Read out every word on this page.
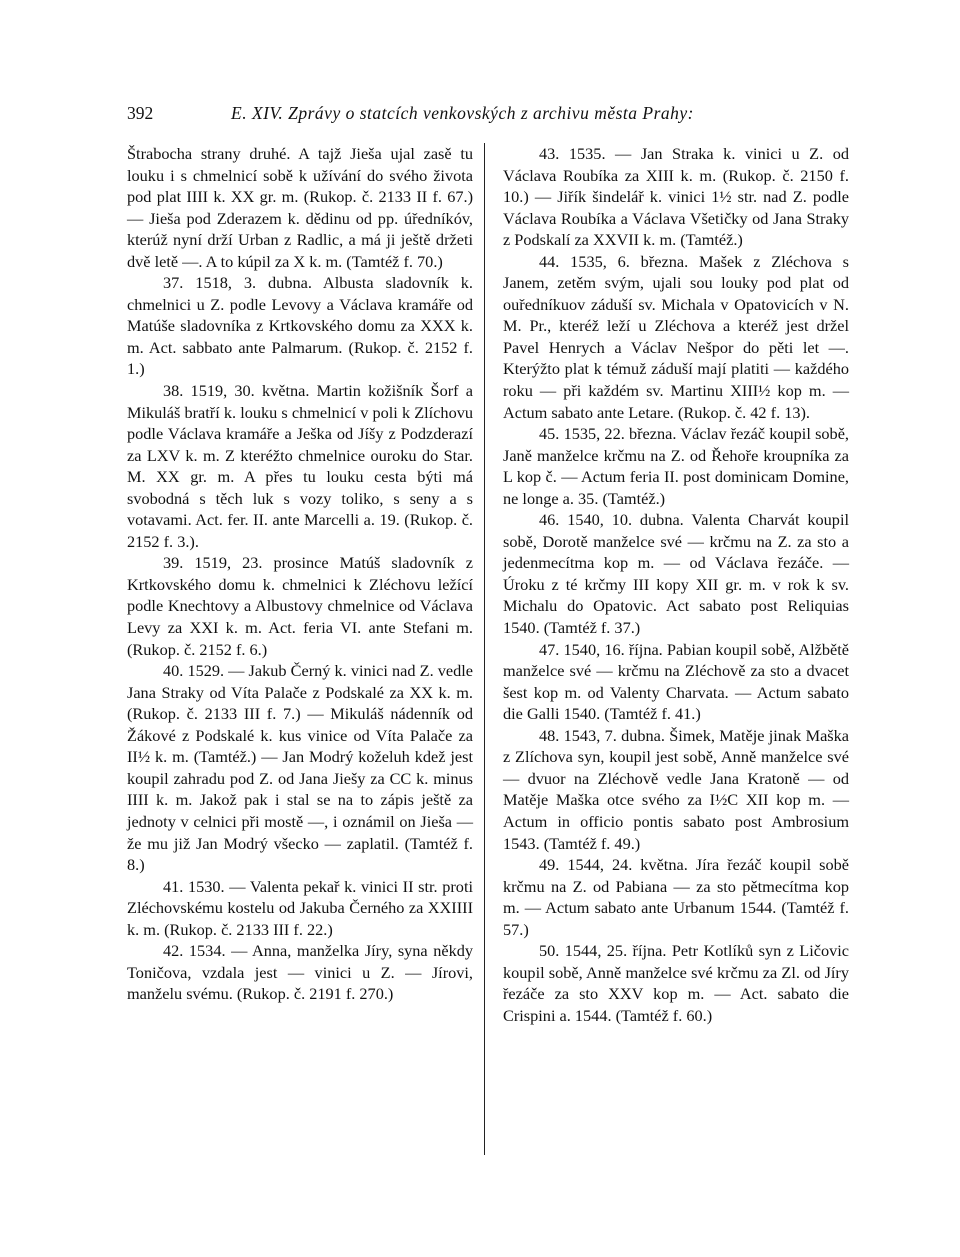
392	E. XIV. Zprávy o statcích venkovských z archivu města Prahy:

Štrabocha strany druhé. A tajž Jieša ujal zasě tu louku i s chmelnicí sobě k užívání do svého života pod plat IIII k. XX gr. m. (Rukop. č. 2133 II f. 67.) — Jieša pod Zderazem k. dědinu od pp. úředníkóv, kterúž nyní drží Urban z Radlic, a má ji ještě držeti dvě letě —. A to kúpil za X k. m. (Tamtéž f. 70.)

37. 1518, 3. dubna. Albusta sladovník k. chmelnici u Z. podle Levovy a Václava kramáře od Matúše sladovníka z Krtkovského domu za XXX k. m. Act. sabbato ante Palmarum. (Rukop. č. 2152 f. 1.)

38. 1519, 30. května. Martin kožišník Šorf a Mikuláš bratří k. louku s chmelnicí v poli k Zlíchovu podle Václava kramáře a Ješka od Jíšy z Podzderazí za LXV k. m. Z kteréžto chmelnice ouroku do Star. M. XX gr. m. A přes tu louku cesta býti má svobodná s těch luk s vozy toliko, s seny a s votavami. Act. fer. II. ante Marcelli a. 19. (Rukop. č. 2152 f. 3.).

39. 1519, 23. prosince Matúš sladovník z Krtkovského domu k. chmelnici k Zléchovu ležící podle Knechtovy a Albustovy chmelnice od Václava Levy za XXI k. m. Act. feria VI. ante Stefani m. (Rukop. č. 2152 f. 6.)

40. 1529. — Jakub Černý k. vinici nad Z. vedle Jana Straky od Víta Palače z Podskalé za XX k. m. (Rukop. č. 2133 III f. 7.) — Mikuláš nádenník od Žákové z Podskalé k. kus vinice od Víta Palače za II½ k. m. (Tamtéž.) — Jan Modrý koželuh kdež jest koupil zahradu pod Z. od Jana Jiešy za CC k. minus IIII k. m. Jakož pak i stal se na to zápis ještě za jednoty v celnici při mostě —, i oznámil on Jieša — že mu již Jan Modrý všecko — zaplatil. (Tamtéž f. 8.)

41. 1530. — Valenta pekař k. vinici II str. proti Zléchovskému kostelu od Jakuba Černého za XXIIII k. m. (Rukop. č. 2133 III f. 22.)

42. 1534. — Anna, manželka Jíry, syna někdy Toničova, vzdala jest — vinici u Z. — Jírovi, manželu svému. (Rukop. č. 2191 f. 270.)

43. 1535. — Jan Straka k. vinici u Z. od Václava Roubíka za XIII k. m. (Rukop. č. 2150 f. 10.) — Jiřík šindelář k. vinici 1½ str. nad Z. podle Václava Roubíka a Václava Všetičky od Jana Straky z Podskalí za XXVII k. m. (Tamtéž.)

44. 1535, 6. března. Mašek z Zléchova s Janem, zetěm svým, ujali sou louky pod plat od ouředníkuov záduší sv. Michala v Opatovicích v N. M. Pr., kteréž leží u Zléchova a kteréž jest držel Pavel Henrych a Václav Nešpor do pěti let —. Kterýžto plat k témuž záduší mají platiti — každého roku — při každém sv. Martinu XIII½ kop m. — Actum sabato ante Letare. (Rukop. č. 42 f. 13).

45. 1535, 22. března. Václav řezáč koupil sobě, Janě manželce krčmu na Z. od Řehoře kroupníka za L kop č. — Actum feria II. post dominicam Domine, ne longe a. 35. (Tamtéž.)

46. 1540, 10. dubna. Valenta Charvát koupil sobě, Dorotě manželce své — krčmu na Z. za sto a jedenmecítma kop m. — od Václava řezáče. — Úroku z té krčmy III kopy XII gr. m. v rok k sv. Michalu do Opatovic. Act sabato post Reliquias 1540. (Tamtéž f. 37.)

47. 1540, 16. října. Pabian koupil sobě, Alžbětě manželce své — krčmu na Zléchově za sto a dvacet šest kop m. od Valenty Charvata. — Actum sabato die Galli 1540. (Tamtéž f. 41.)

48. 1543, 7. dubna. Šimek, Matěje jinak Maška z Zlíchova syn, koupil jest sobě, Anně manželce své — dvuor na Zléchově vedle Jana Kratoně — od Matěje Maška otce svého za I½C XII kop m. — Actum in officio pontis sabato post Ambrosium 1543. (Tamtéž f. 49.)

49. 1544, 24. května. Jíra řezáč koupil sobě krčmu na Z. od Pabiana — za sto pětmecítma kop m. — Actum sabato ante Urbanum 1544. (Tamtéž f. 57.)

50. 1544, 25. října. Petr Kotlíků syn z Ličovic koupil sobě, Anně manželce své krčmu za Zl. od Jíry řezáče za sto XXV kop m. — Act. sabato die Crispini a. 1544. (Tamtéž f. 60.)
